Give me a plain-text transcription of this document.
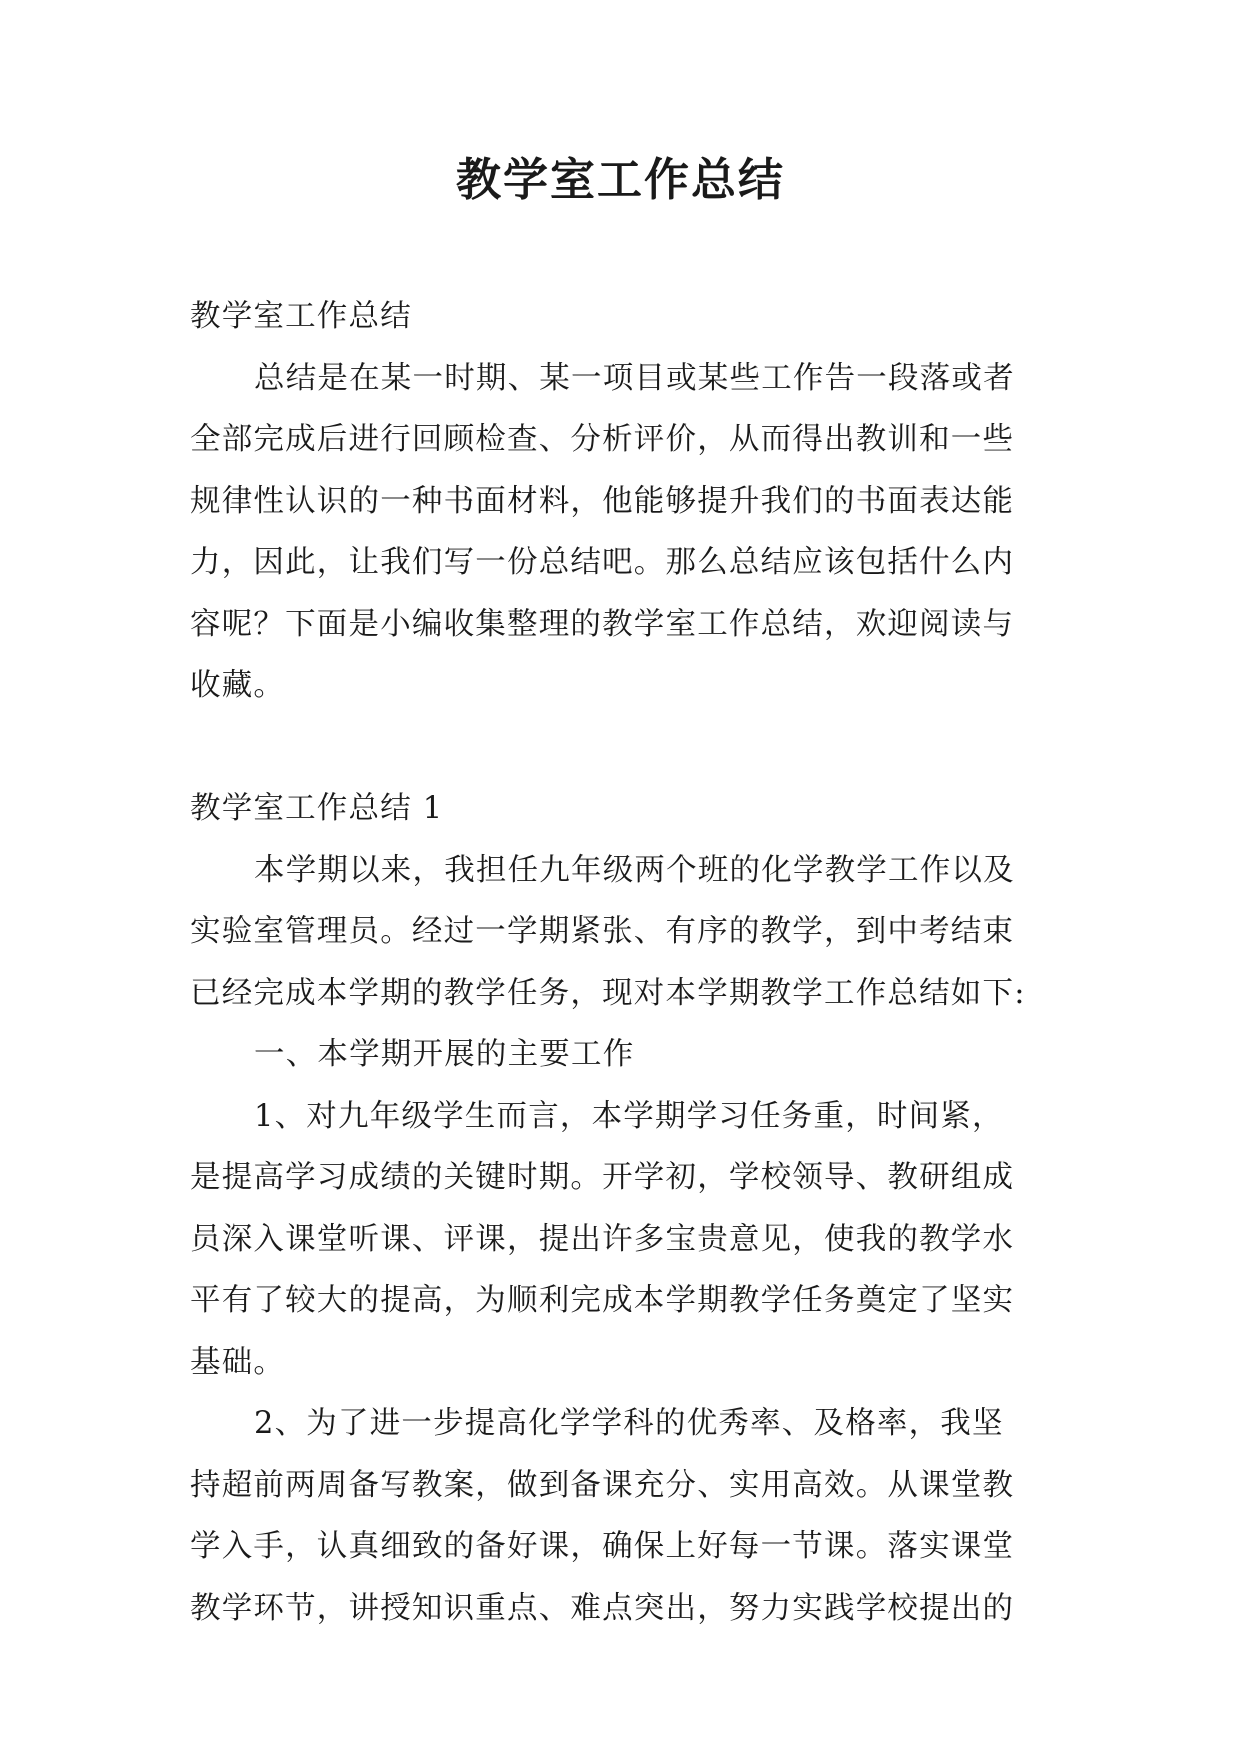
教学室工作总结

教学室工作总结

总结是在某一时期、某一项目或某些工作告一段落或者

全部完成后进行回顾检查、分析评价，从而得出教训和一些

规律性认识的一种书面材料，他能够提升我们的书面表达能

力，因此，让我们写一份总结吧。那么总结应该包括什么内

容呢？下面是小编收集整理的教学室工作总结，欢迎阅读与

收藏。

教学室工作总结 1

本学期以来，我担任九年级两个班的化学教学工作以及

实验室管理员。经过一学期紧张、有序的教学，到中考结束

已经完成本学期的教学任务，现对本学期教学工作总结如下:

一、本学期开展的主要工作

1、对九年级学生而言，本学期学习任务重，时间紧，

是提高学习成绩的关键时期。开学初，学校领导、教研组成

员深入课堂听课、评课，提出许多宝贵意见，使我的教学水

平有了较大的提高，为顺利完成本学期教学任务奠定了坚实

基础。

2、为了进一步提高化学学科的优秀率、及格率，我坚

持超前两周备写教案，做到备课充分、实用高效。从课堂教

学入手，认真细致的备好课，确保上好每一节课。落实课堂

教学环节，讲授知识重点、难点突出，努力实践学校提出的
